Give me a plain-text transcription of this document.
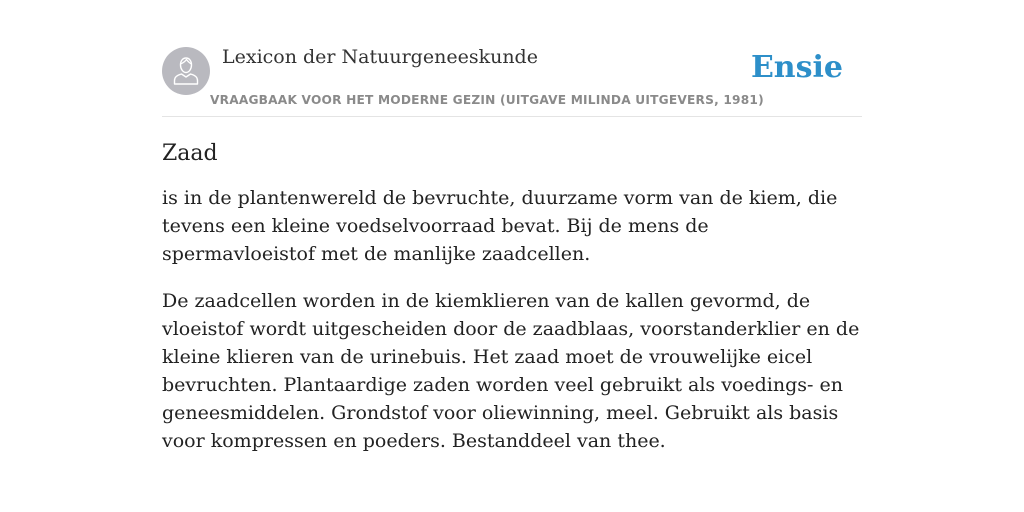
Lexicon der Natuurgeneeskunde
VRAAGBAAK VOOR HET MODERNE GEZIN (UITGAVE MILINDA UITGEVERS, 1981)
Ensie
Zaad

is in de plantenwereld de bevruchte, duurzame vorm van de kiem, die tevens een kleine voedselvoorraad bevat. Bij de mens de spermavloeistof met de manlijke zaadcellen.

De zaadcellen worden in de kiemklieren van de kallen gevormd, de vloeistof wordt uitgescheiden door de zaadblaas, voorstanderklier en de kleine klieren van de urinebuis. Het zaad moet de vrouwelijke eicel bevruchten. Plantaardige zaden worden veel gebruikt als voedings- en geneesmiddelen. Grondstof voor oliewinning, meel. Gebruikt als basis voor kompressen en poeders. Bestanddeel van thee.
